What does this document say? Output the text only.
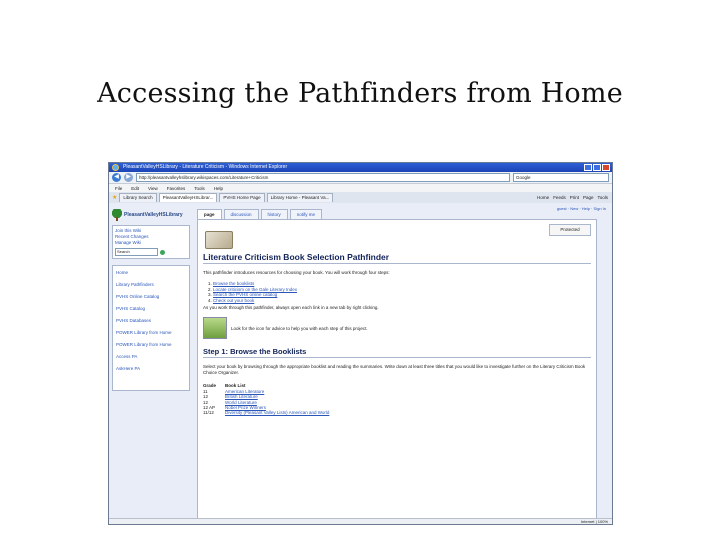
Accessing the Pathfinders from Home
PleasantValleyHSLibrary - Literature Criticism - Windows Internet Explorer
◀	▶	http://pleasantvalleyhslibrary.wikispaces.com/Literature+Criticism	Google
File Edit View Favorites Tools Help
★	Library Search	PleasantValleyHSLibrar...	PVHS Home Page	Library Home - Pleasant Va...	Home Feeds Print Page Tools
PleasantValleyHSLibrary
Join this Wiki
Recent Changes
Manage Wiki
Search
Home
Library Pathfinders
PVHS Online Catalog
PVHS Catalog
PVHS Databases
POWER Library from Home
POWER Library from Home
Access PA
AskHere PA
page	discussion	history	notify me
guest · New · Help · Sign In
Protected
Literature Criticism Book Selection Pathfinder
This pathfinder introduces resources for choosing your book. You will work through four steps:
1. Browse the booklists
2. Locate criticism on the Gale Literary Index
3. Search the PVHS online catalog
4. Check out your book
As you work through this pathfinder, always open each link in a new tab by right clicking.
Look for the icon for advice to help you with each step of this project.
Step 1: Browse the Booklists
Select your book by browsing through the appropriate booklist and reading the summaries. Write down at least three titles that you would like to investigate further on the Literary Criticism Book Choice Organizer.
Grade	Book List
11	American Literature
12	British Literature
12	World Literature
12 AP	Nobel Prize Winners
11/12	Diversity (Pleasant Valley Lists) American and World
Internet | 100%
